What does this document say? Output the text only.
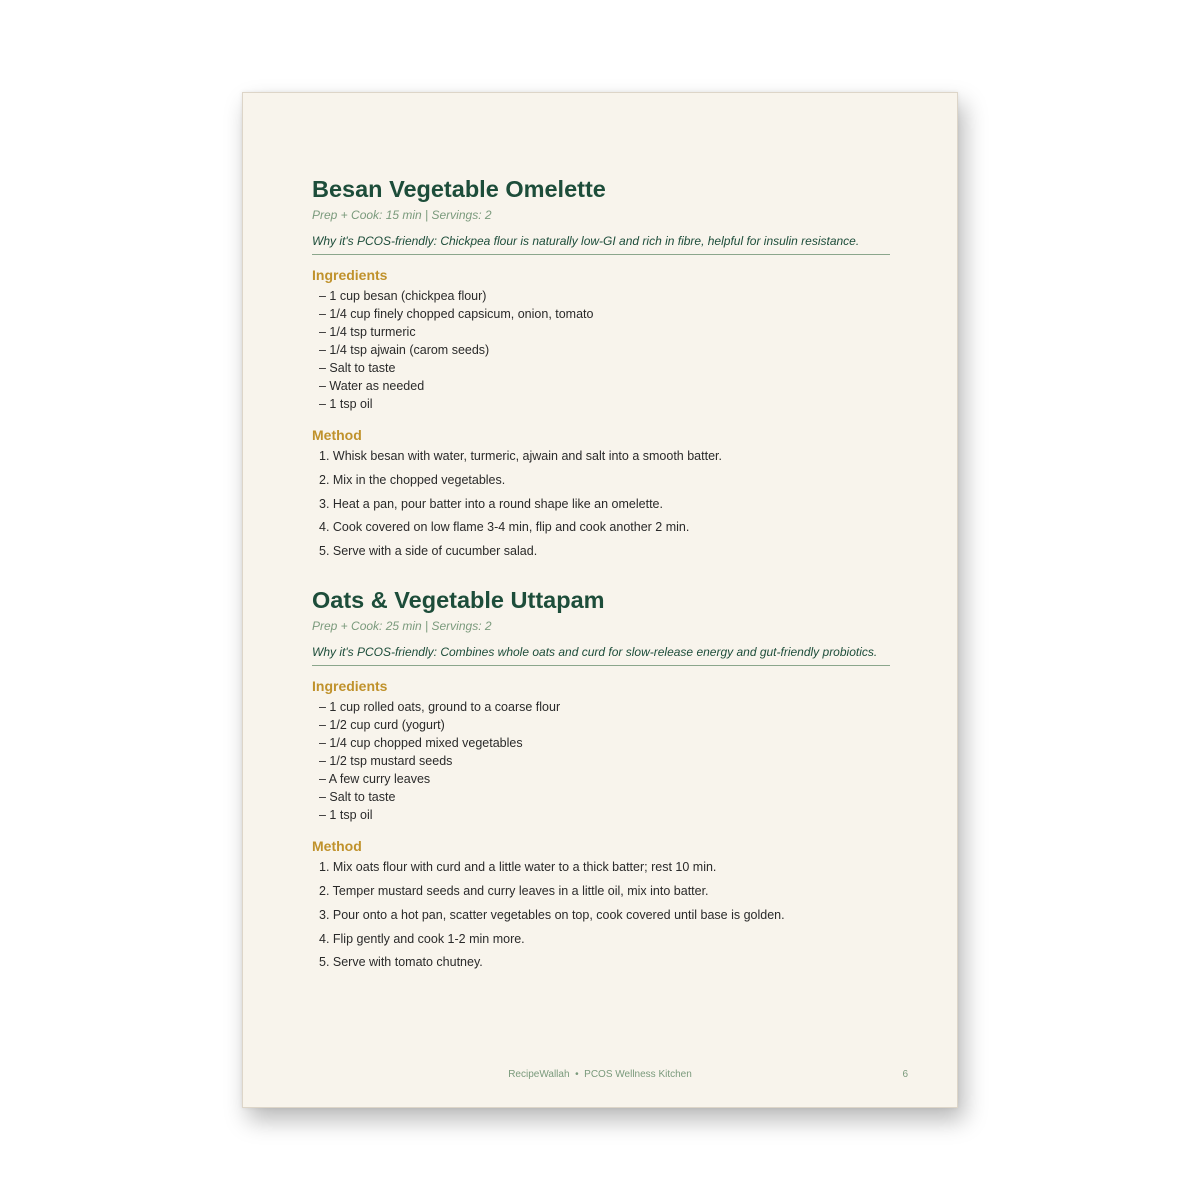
Besan Vegetable Omelette

Prep + Cook: 15 min | Servings: 2

Why it's PCOS-friendly: Chickpea flour is naturally low-GI and rich in fibre, helpful for insulin resistance.

Ingredients
– 1 cup besan (chickpea flour)
– 1/4 cup finely chopped capsicum, onion, tomato
– 1/4 tsp turmeric
– 1/4 tsp ajwain (carom seeds)
– Salt to taste
– Water as needed
– 1 tsp oil
Method
1. Whisk besan with water, turmeric, ajwain and salt into a smooth batter.
2. Mix in the chopped vegetables.
3. Heat a pan, pour batter into a round shape like an omelette.
4. Cook covered on low flame 3-4 min, flip and cook another 2 min.
5. Serve with a side of cucumber salad.
Oats & Vegetable Uttapam

Prep + Cook: 25 min | Servings: 2

Why it's PCOS-friendly: Combines whole oats and curd for slow-release energy and gut-friendly probiotics.

Ingredients
– 1 cup rolled oats, ground to a coarse flour
– 1/2 cup curd (yogurt)
– 1/4 cup chopped mixed vegetables
– 1/2 tsp mustard seeds
– A few curry leaves
– Salt to taste
– 1 tsp oil
Method
1. Mix oats flour with curd and a little water to a thick batter; rest 10 min.
2. Temper mustard seeds and curry leaves in a little oil, mix into batter.
3. Pour onto a hot pan, scatter vegetables on top, cook covered until base is golden.
4. Flip gently and cook 1-2 min more.
5. Serve with tomato chutney.
RecipeWallah • PCOS Wellness Kitchen	6
